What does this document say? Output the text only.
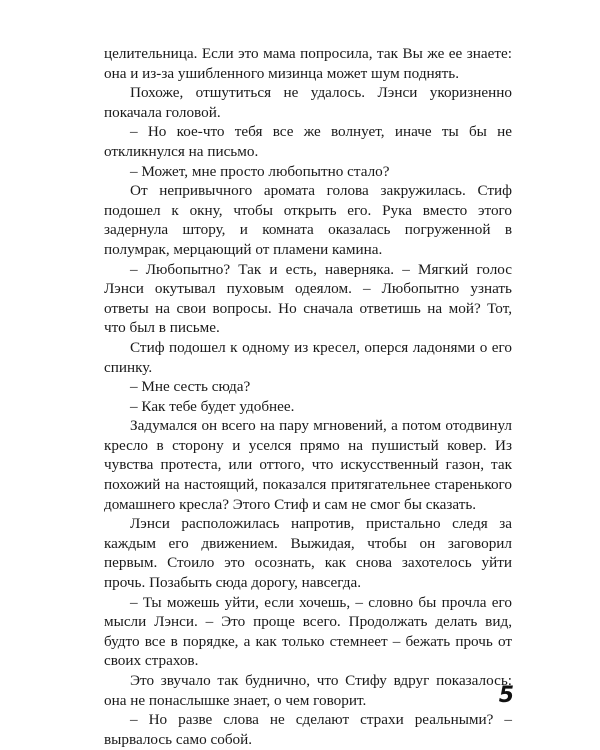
целительница. Если это мама попросила, так Вы же ее знаете: она и из-за ушибленного мизинца может шум поднять.

Похоже, отшутиться не удалось. Лэнси укоризненно покачала головой.

– Но кое-что тебя все же волнует, иначе ты бы не откликнулся на письмо.

– Может, мне просто любопытно стало?

От непривычного аромата голова закружилась. Стиф подошел к окну, чтобы открыть его. Рука вместо этого задернула штору, и комната оказалась погруженной в полумрак, мерцающий от пламени камина.

– Любопытно? Так и есть, наверняка. – Мягкий голос Лэнси окутывал пуховым одеялом. – Любопытно узнать ответы на свои вопросы. Но сначала ответишь на мой? Тот, что был в письме.

Стиф подошел к одному из кресел, оперся ладонями о его спинку.

– Мне сесть сюда?

– Как тебе будет удобнее.

Задумался он всего на пару мгновений, а потом отодвинул кресло в сторону и уселся прямо на пушистый ковер. Из чувства протеста, или оттого, что искусственный газон, так похожий на настоящий, показался притягательнее старенького домашнего кресла? Этого Стиф и сам не смог бы сказать.

Лэнси расположилась напротив, пристально следя за каждым его движением. Выжидая, чтобы он заговорил первым. Стоило это осознать, как снова захотелось уйти прочь. Позабыть сюда дорогу, навсегда.

– Ты можешь уйти, если хочешь, – словно бы прочла его мысли Лэнси. – Это проще всего. Продолжать делать вид, будто все в порядке, а как только стемнеет – бежать прочь от своих страхов.

Это звучало так буднично, что Стифу вдруг показалось: она не понаслышке знает, о чем говорит.

– Но разве слова не сделают страхи реальными? – вырвалось само собой.

5
